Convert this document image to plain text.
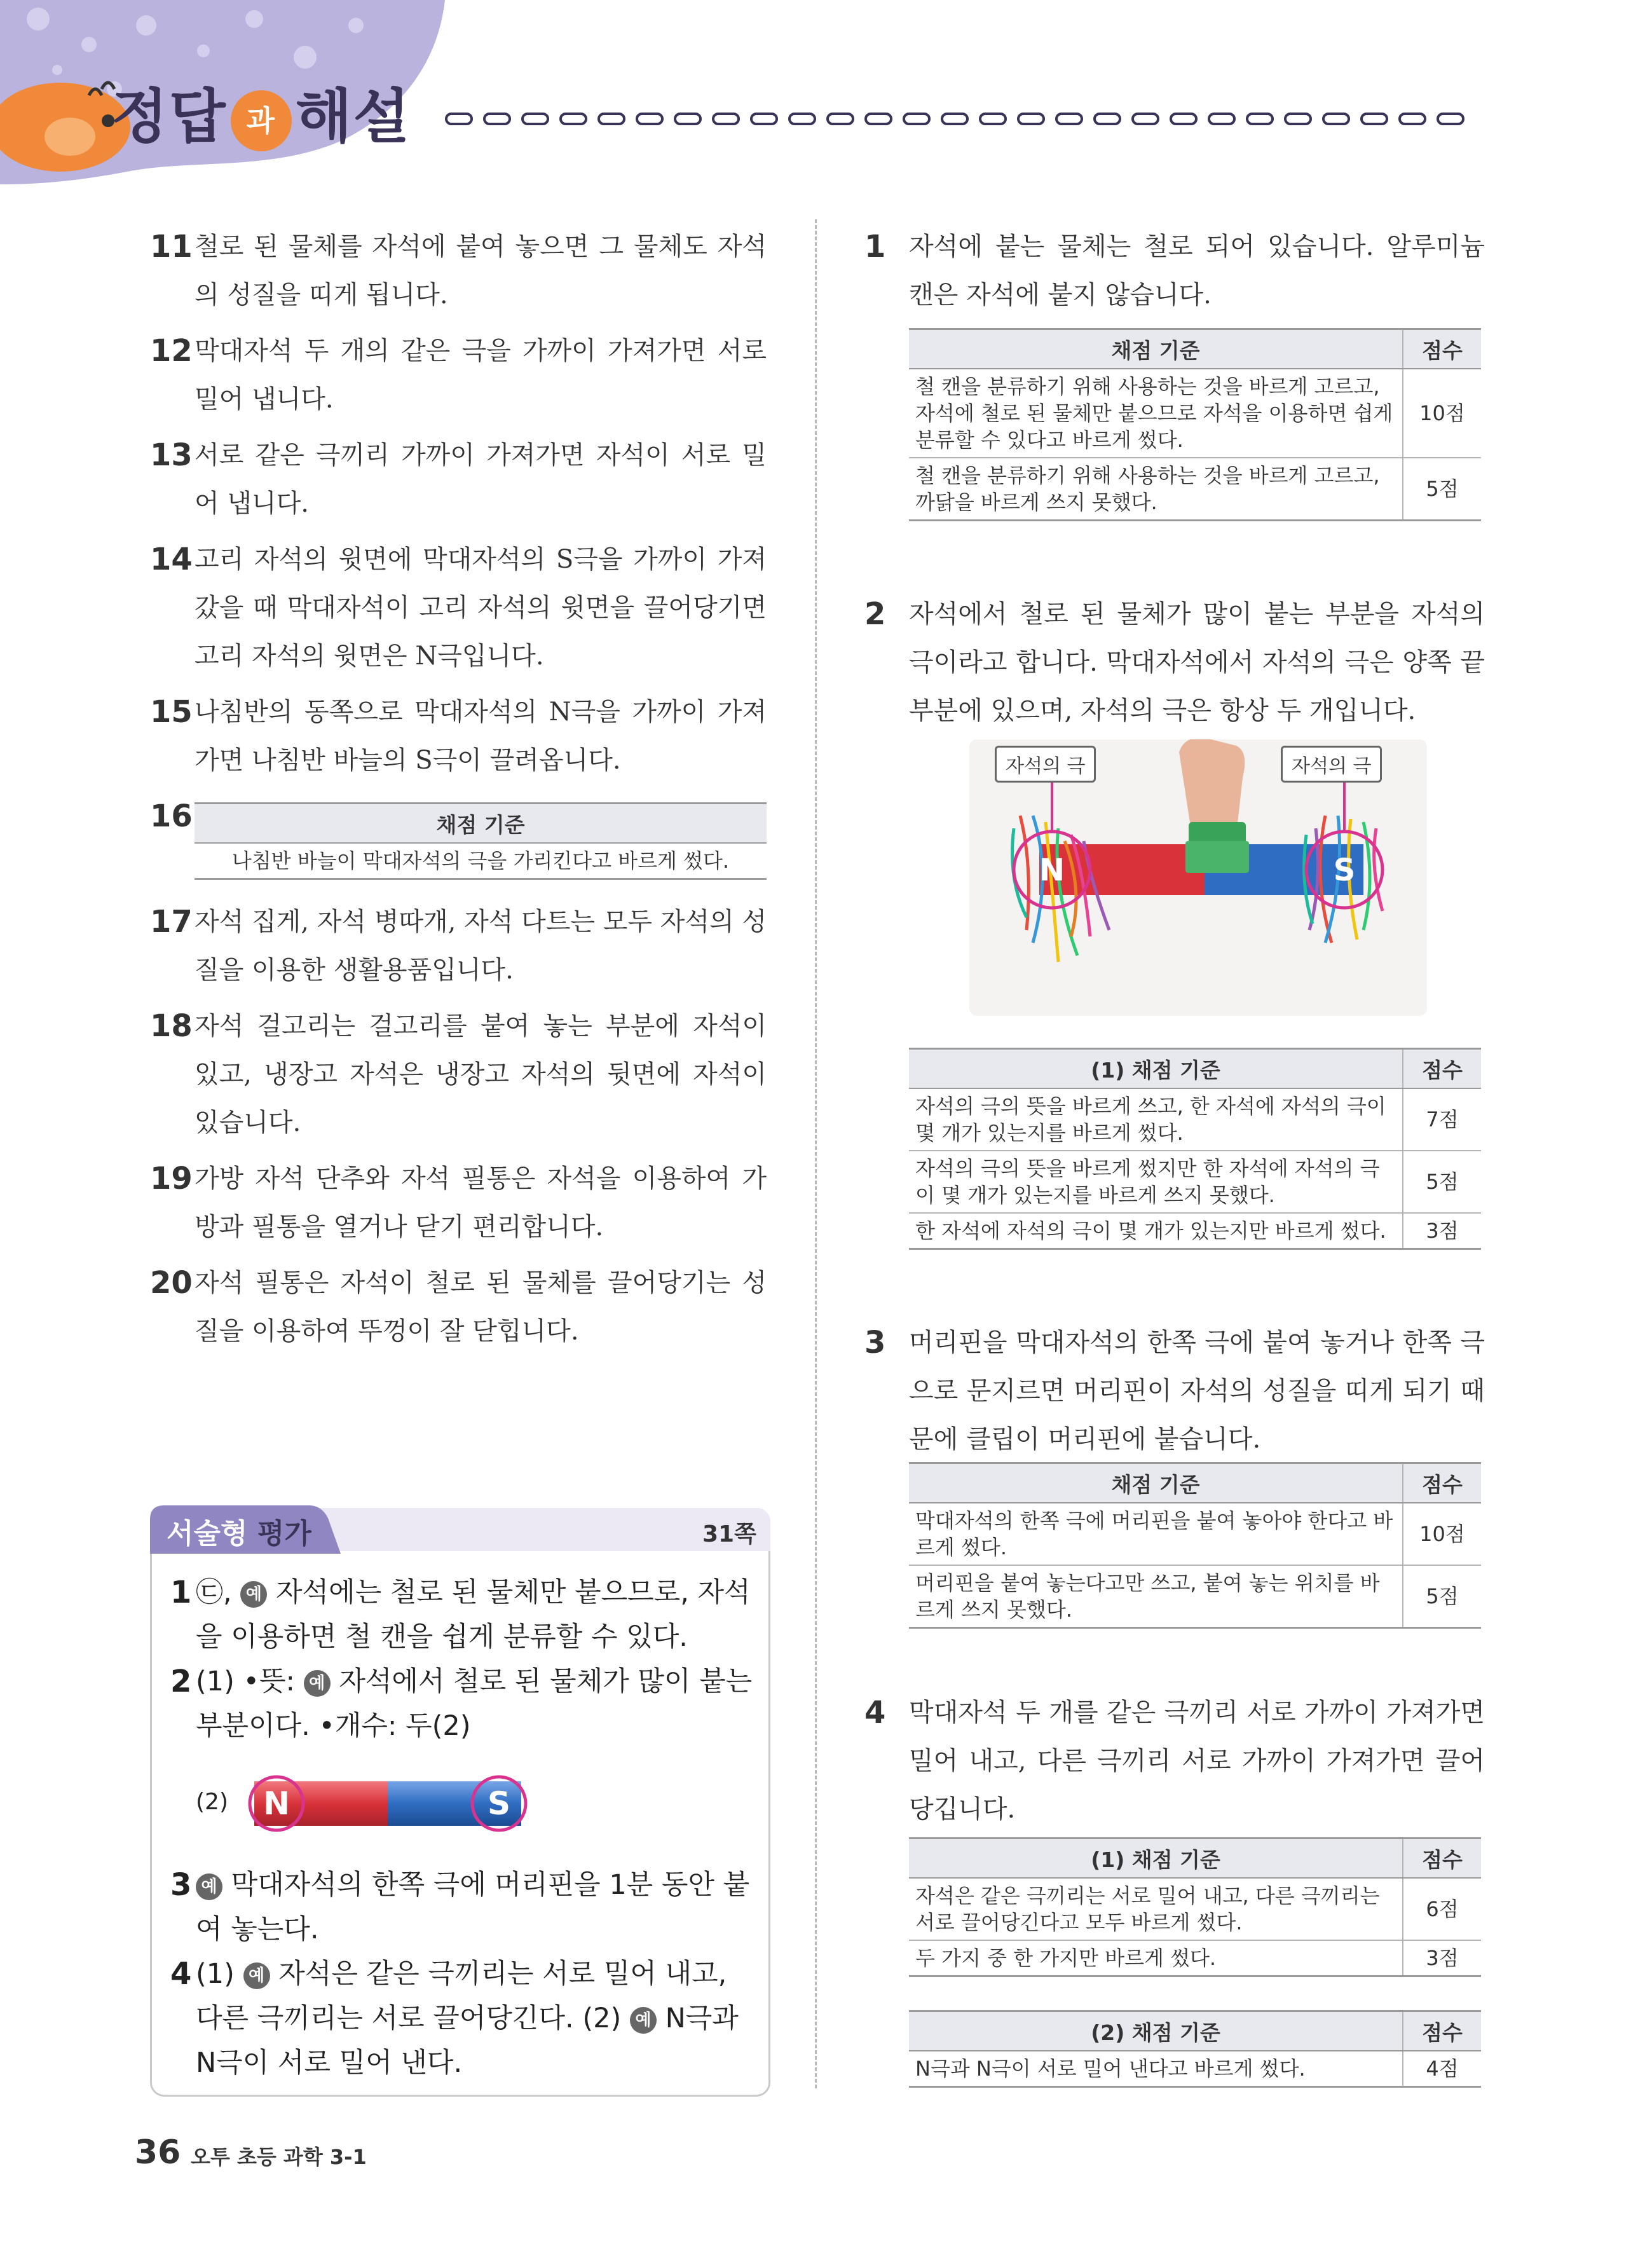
정답 과 해설
11 철로 된 물체를 자석에 붙여 놓으면 그 물체도 자석의 성질을 띠게 됩니다.
12 막대자석 두 개의 같은 극을 가까이 가져가면 서로 밀어 냅니다.
13 서로 같은 극끼리 가까이 가져가면 자석이 서로 밀어 냅니다.
14 고리 자석의 윗면에 막대자석의 S극을 가까이 가져갔을 때 막대자석이 고리 자석의 윗면을 끌어당기면 고리 자석의 윗면은 N극입니다.
15 나침반의 동쪽으로 막대자석의 N극을 가까이 가져가면 나침반 바늘의 S극이 끌려옵니다.
16	채점 기준
나침반 바늘이 막대자석의 극을 가리킨다고 바르게 썼다.
17 자석 집게, 자석 병따개, 자석 다트는 모두 자석의 성질을 이용한 생활용품입니다.
18 자석 걸고리는 걸고리를 붙여 놓는 부분에 자석이 있고, 냉장고 자석은 냉장고 자석의 뒷면에 자석이 있습니다.
19 가방 자석 단추와 자석 필통은 자석을 이용하여 가방과 필통을 열거나 닫기 편리합니다.
20 자석 필통은 자석이 철로 된 물체를 끌어당기는 성질을 이용하여 뚜껑이 잘 닫힙니다.
서술형 평가	31쪽
1 ㉢, 예 자석에는 철로 된 물체만 붙으므로, 자석을 이용하면 철 캔을 쉽게 분류할 수 있다.
2 (1) •뜻: 예 자석에서 철로 된 물체가 많이 붙는 부분이다. •개수: 두(2)
(2) N	S
3 예 막대자석의 한쪽 극에 머리핀을 1분 동안 붙여 놓는다.
4 (1) 예 자석은 같은 극끼리는 서로 밀어 내고, 다른 극끼리는 서로 끌어당긴다. (2) 예 N극과 N극이 서로 밀어 낸다.
1 자석에 붙는 물체는 철로 되어 있습니다. 알루미늄 캔은 자석에 붙지 않습니다.
채점 기준	점수
철 캔을 분류하기 위해 사용하는 것을 바르게 고르고, 자석에 철로 된 물체만 붙으므로 자석을 이용하면 쉽게 분류할 수 있다고 바르게 썼다.	10점
철 캔을 분류하기 위해 사용하는 것을 바르게 고르고, 까닭을 바르게 쓰지 못했다.	5점
2 자석에서 철로 된 물체가 많이 붙는 부분을 자석의 극이라고 합니다. 막대자석에서 자석의 극은 양쪽 끝부분에 있으며, 자석의 극은 항상 두 개입니다.
N	S
자석의 극	자석의 극
(1) 채점 기준	점수
자석의 극의 뜻을 바르게 쓰고, 한 자석에 자석의 극이 몇 개가 있는지를 바르게 썼다.	7점
자석의 극의 뜻을 바르게 썼지만 한 자석에 자석의 극이 몇 개가 있는지를 바르게 쓰지 못했다.	5점
한 자석에 자석의 극이 몇 개가 있는지만 바르게 썼다.	3점
3 머리핀을 막대자석의 한쪽 극에 붙여 놓거나 한쪽 극으로 문지르면 머리핀이 자석의 성질을 띠게 되기 때문에 클립이 머리핀에 붙습니다.
채점 기준	점수
막대자석의 한쪽 극에 머리핀을 붙여 놓아야 한다고 바르게 썼다.	10점
머리핀을 붙여 놓는다고만 쓰고, 붙여 놓는 위치를 바르게 쓰지 못했다.	5점
4 막대자석 두 개를 같은 극끼리 서로 가까이 가져가면 밀어 내고, 다른 극끼리 서로 가까이 가져가면 끌어당깁니다.
(1) 채점 기준	점수
자석은 같은 극끼리는 서로 밀어 내고, 다른 극끼리는 서로 끌어당긴다고 모두 바르게 썼다.	6점
두 가지 중 한 가지만 바르게 썼다.	3점
(2) 채점 기준	점수
N극과 N극이 서로 밀어 낸다고 바르게 썼다.	4점
36 오투 초등 과학 3-1
